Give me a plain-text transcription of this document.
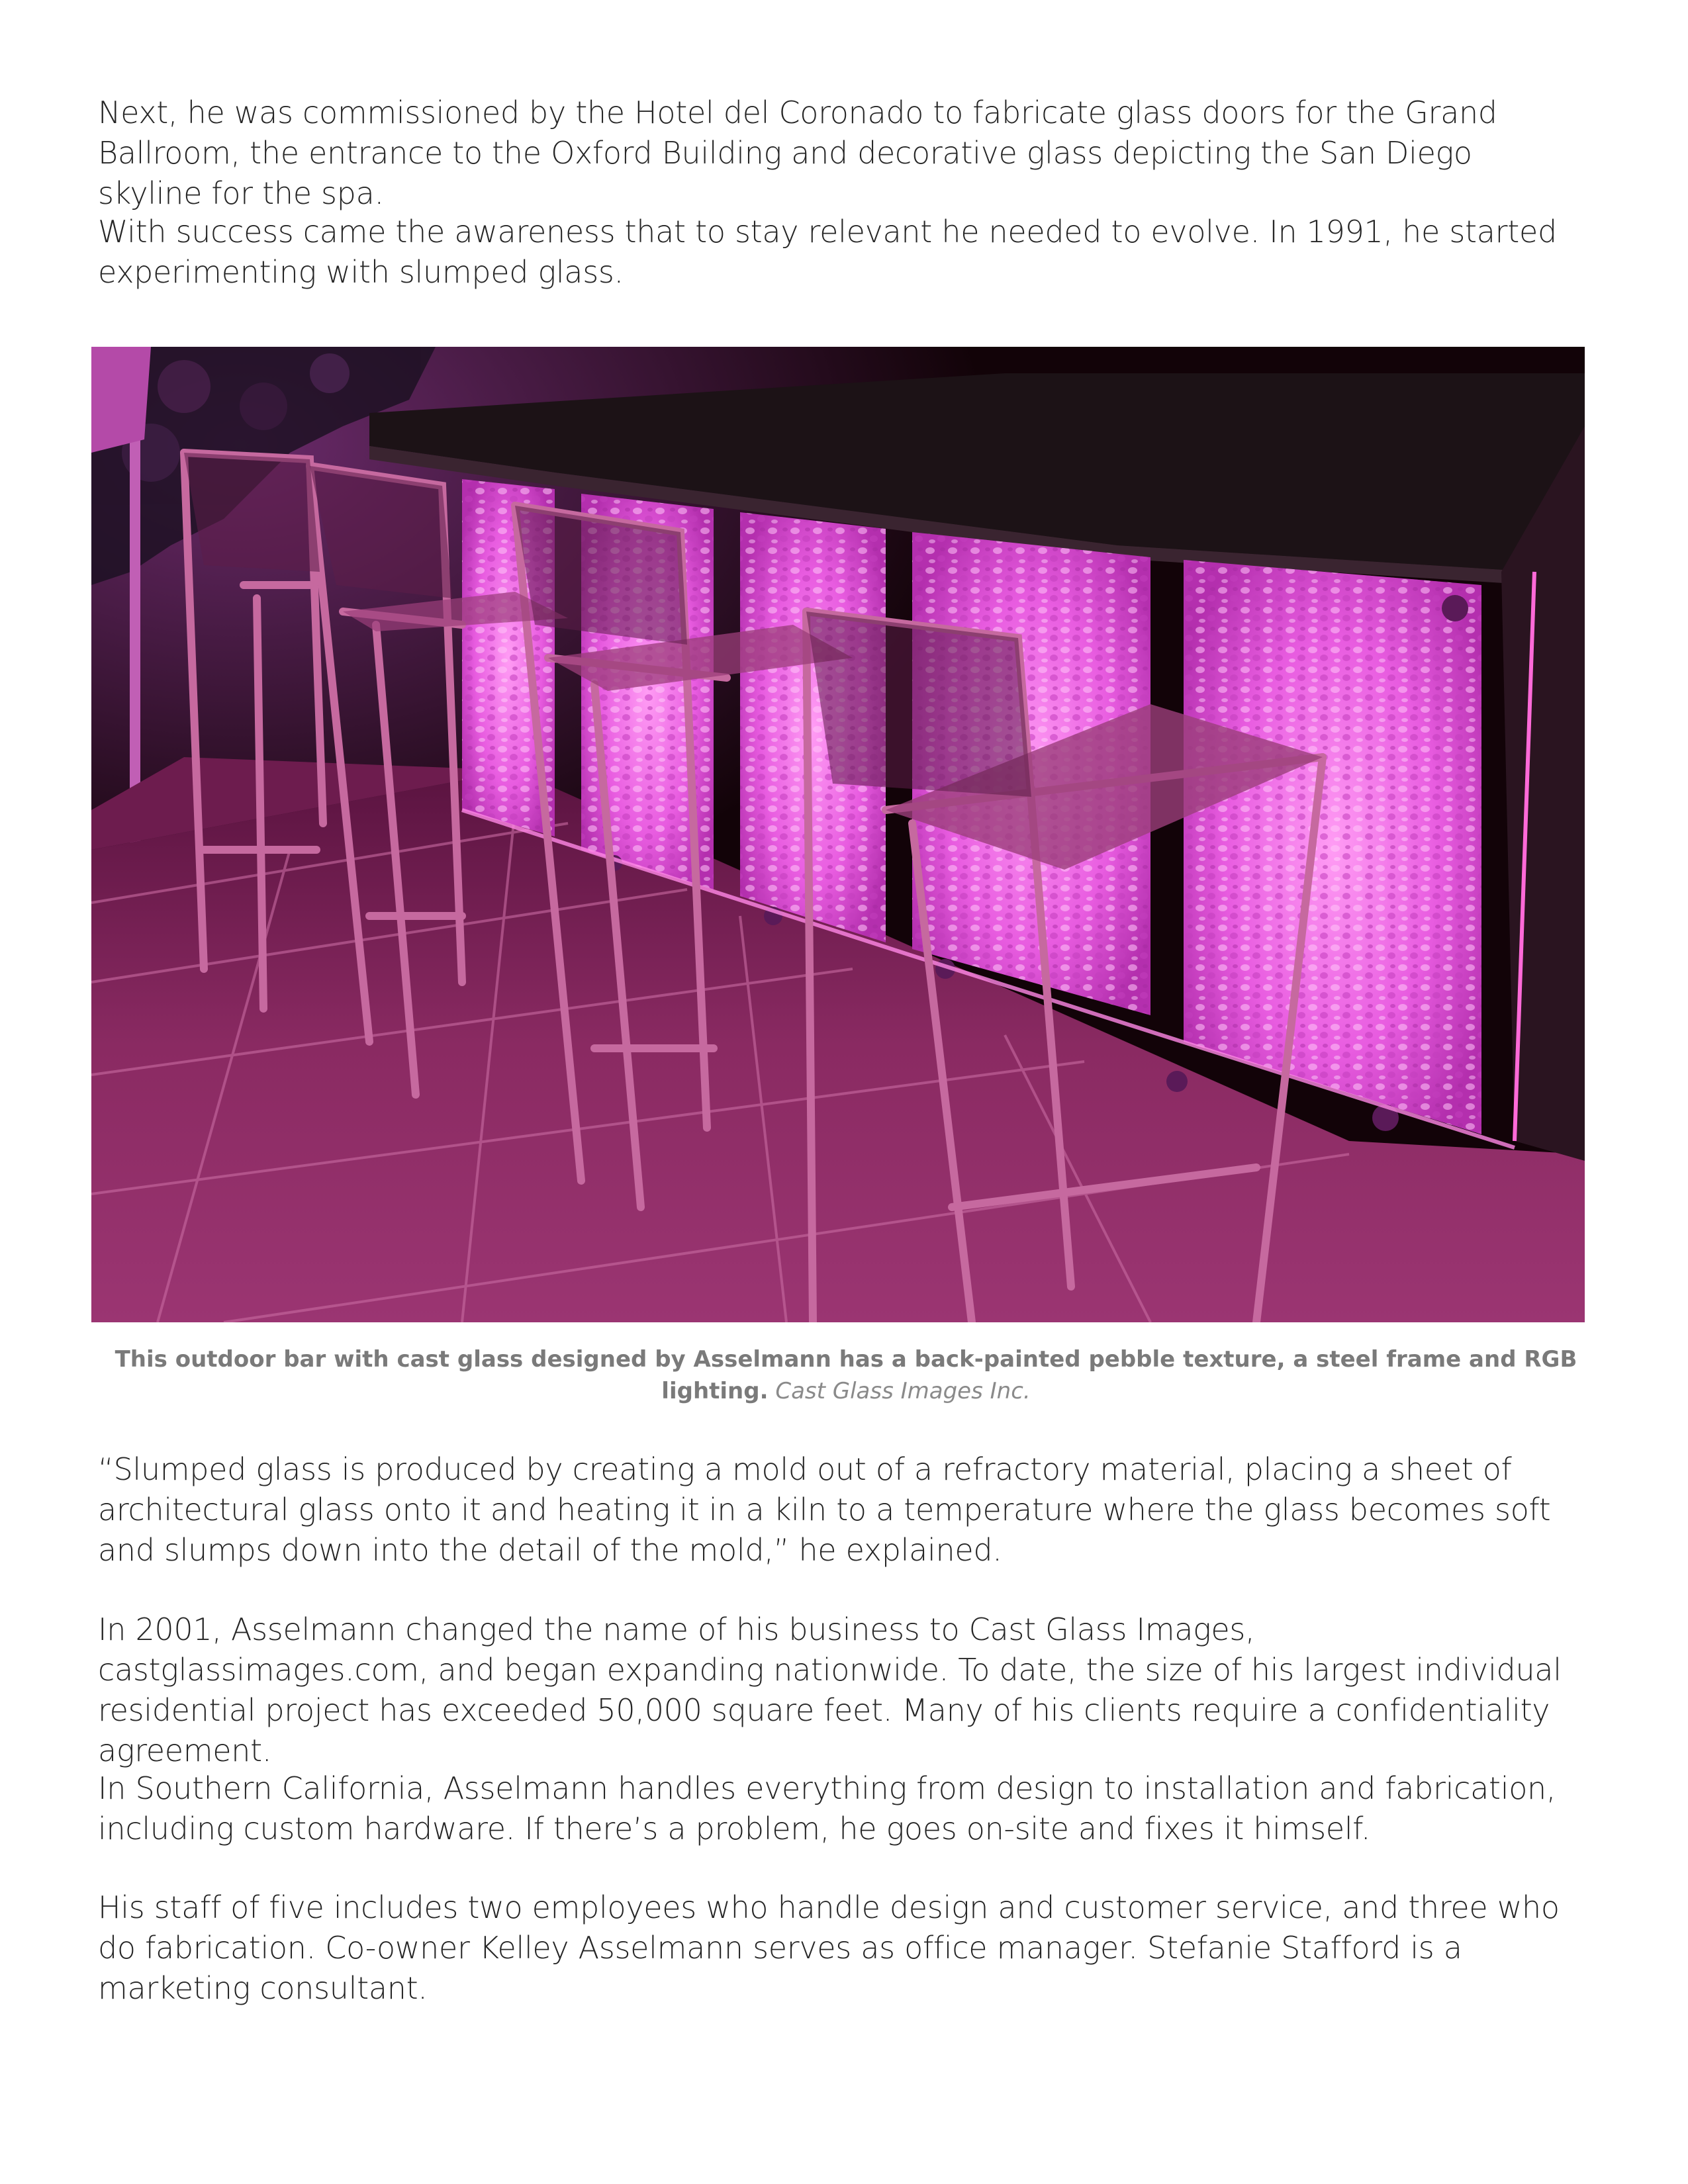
Next, he was commissioned by the Hotel del Coronado to fabricate glass doors for the Grand Ballroom, the entrance to the Oxford Building and decorative glass depicting the San Diego skyline for the spa.

With success came the awareness that to stay relevant he needed to evolve. In 1991, he started experimenting with slumped glass.

This outdoor bar with cast glass designed by Asselmann has a back-painted pebble texture, a steel frame and RGB lighting. Cast Glass Images Inc.

“Slumped glass is produced by creating a mold out of a refractory material, placing a sheet of architectural glass onto it and heating it in a kiln to a temperature where the glass becomes soft and slumps down into the detail of the mold,” he explained.

In 2001, Asselmann changed the name of his business to Cast Glass Images, castglassimages.com, and began expanding nationwide. To date, the size of his largest individual residential project has exceeded 50,000 square feet. Many of his clients require a confidentiality agreement.

In Southern California, Asselmann handles everything from design to installation and fabrication, including custom hardware. If there’s a problem, he goes on-site and fixes it himself.

His staff of five includes two employees who handle design and customer service, and three who do fabrication. Co-owner Kelley Asselmann serves as office manager. Stefanie Stafford is a marketing consultant.
